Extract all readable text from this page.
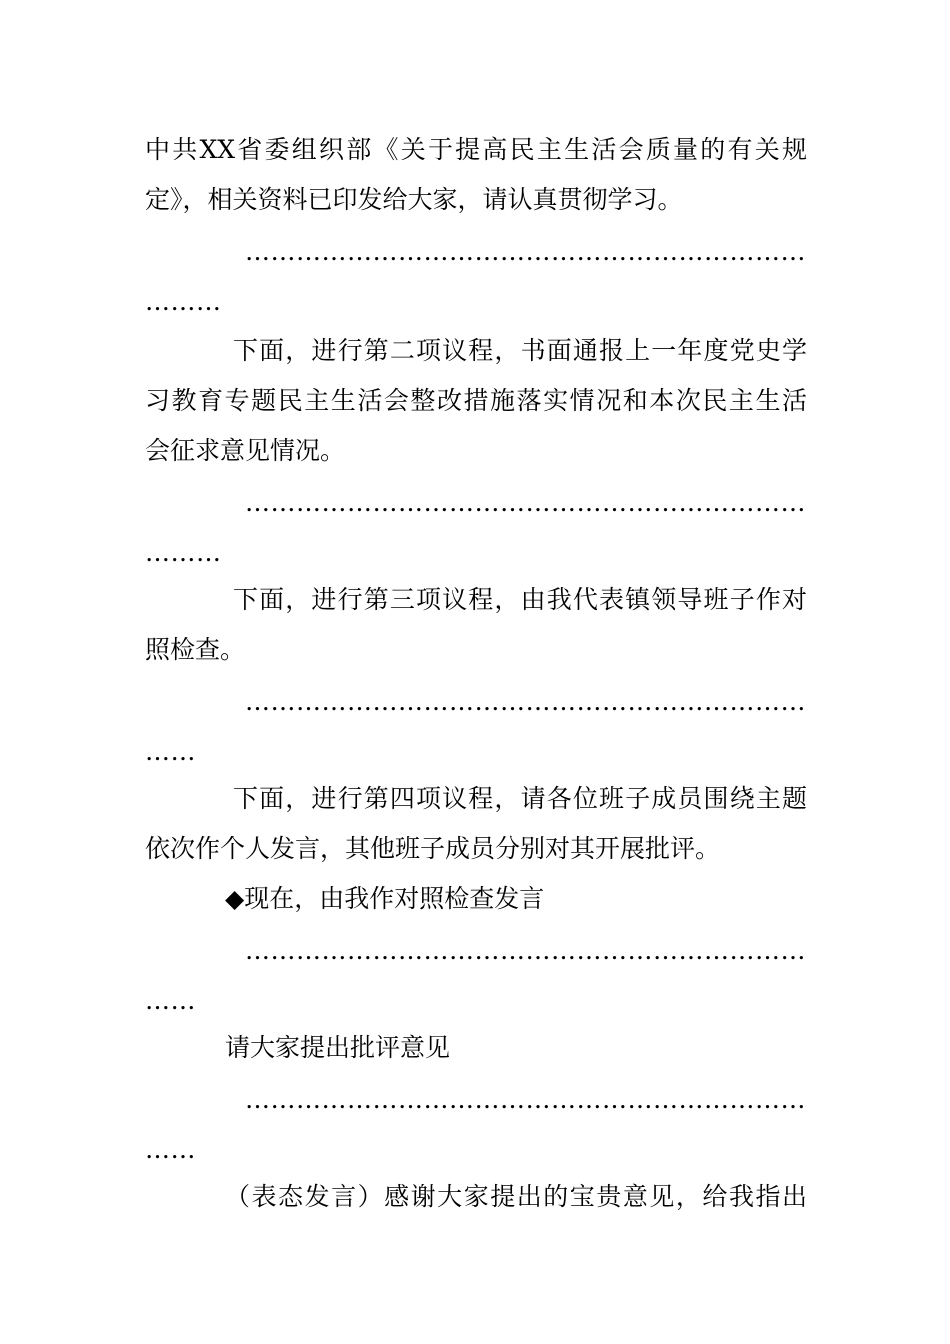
中共XX省委组织部《关于提高民主生活会质量的有关规
定》，相关资料已印发给大家，请认真贯彻学习。
…………………………………………………………
………
下面，进行第二项议程，书面通报上一年度党史学
习教育专题民主生活会整改措施落实情况和本次民主生活
会征求意见情况。
…………………………………………………………
………
下面，进行第三项议程，由我代表镇领导班子作对
照检查。
…………………………………………………………
……
下面，进行第四项议程，请各位班子成员围绕主题
依次作个人发言，其他班子成员分别对其开展批评。
◆现在，由我作对照检查发言
…………………………………………………………
……
请大家提出批评意见
…………………………………………………………
……
（表态发言）感谢大家提出的宝贵意见，给我指出
